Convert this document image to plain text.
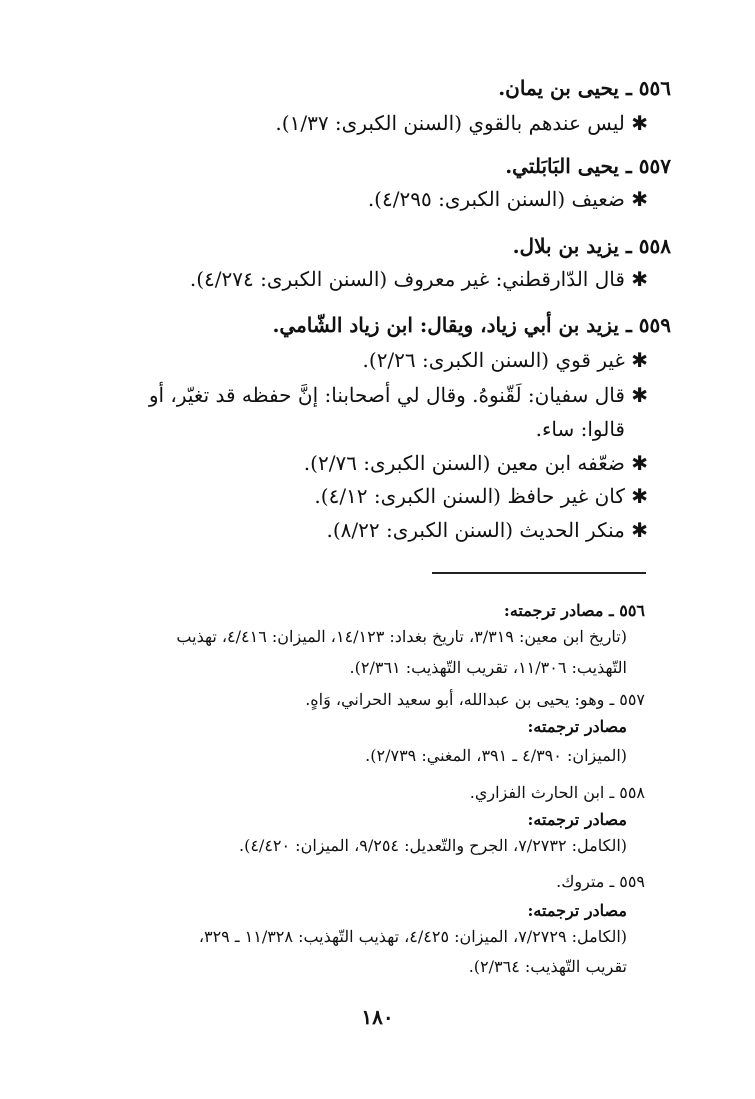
٥٥٦ ـ يحيى بن يمان.
✱ ليس عندهم بالقوي (السنن الكبرى: ١/٣٧).
٥٥٧ ـ يحيى البَابَلتي.
✱ ضعيف (السنن الكبرى: ٤/٢٩٥).
٥٥٨ ـ يزيد بن بلال.
✱ قال الدّارقطني: غير معروف (السنن الكبرى: ٤/٢٧٤).
٥٥٩ ـ يزيد بن أبي زياد، ويقال: ابن زياد الشّامي.
✱ غير قوي (السنن الكبرى: ٢/٢٦).
✱ قال سفيان: لَقّنوهُ. وقال لي أصحابنا: إنَّ حفظه قد تغيّر، أو
قالوا: ساء.
✱ ضعّفه ابن معين (السنن الكبرى: ٢/٧٦).
✱ كان غير حافظ (السنن الكبرى: ٤/١٢).
✱ منكر الحديث (السنن الكبرى: ٨/٢٢).
٥٥٦ ـ مصادر ترجمته:
(تاريخ ابن معين: ٣/٣١٩، تاريخ بغداد: ١٤/١٢٣، الميزان: ٤/٤١٦، تهذيب
التّهذيب: ١١/٣٠٦، تقريب التّهذيب: ٢/٣٦١).
٥٥٧ ـ وهو: يحيى بن عبدالله، أبو سعيد الحراني، وَاهٍ.
مصادر ترجمته:
(الميزان: ٤/٣٩٠ ـ ٣٩١، المغني: ٢/٧٣٩).
٥٥٨ ـ ابن الحارث الفزاري.
مصادر ترجمته:
(الكامل: ٧/٢٧٣٢، الجرح والتّعديل: ٩/٢٥٤، الميزان: ٤/٤٢٠).
٥٥٩ ـ متروك.
مصادر ترجمته:
(الكامل: ٧/٢٧٢٩، الميزان: ٤/٤٢٥، تهذيب التّهذيب: ١١/٣٢٨ ـ ٣٢٩،
تقريب التّهذيب: ٢/٣٦٤).
١٨٠
